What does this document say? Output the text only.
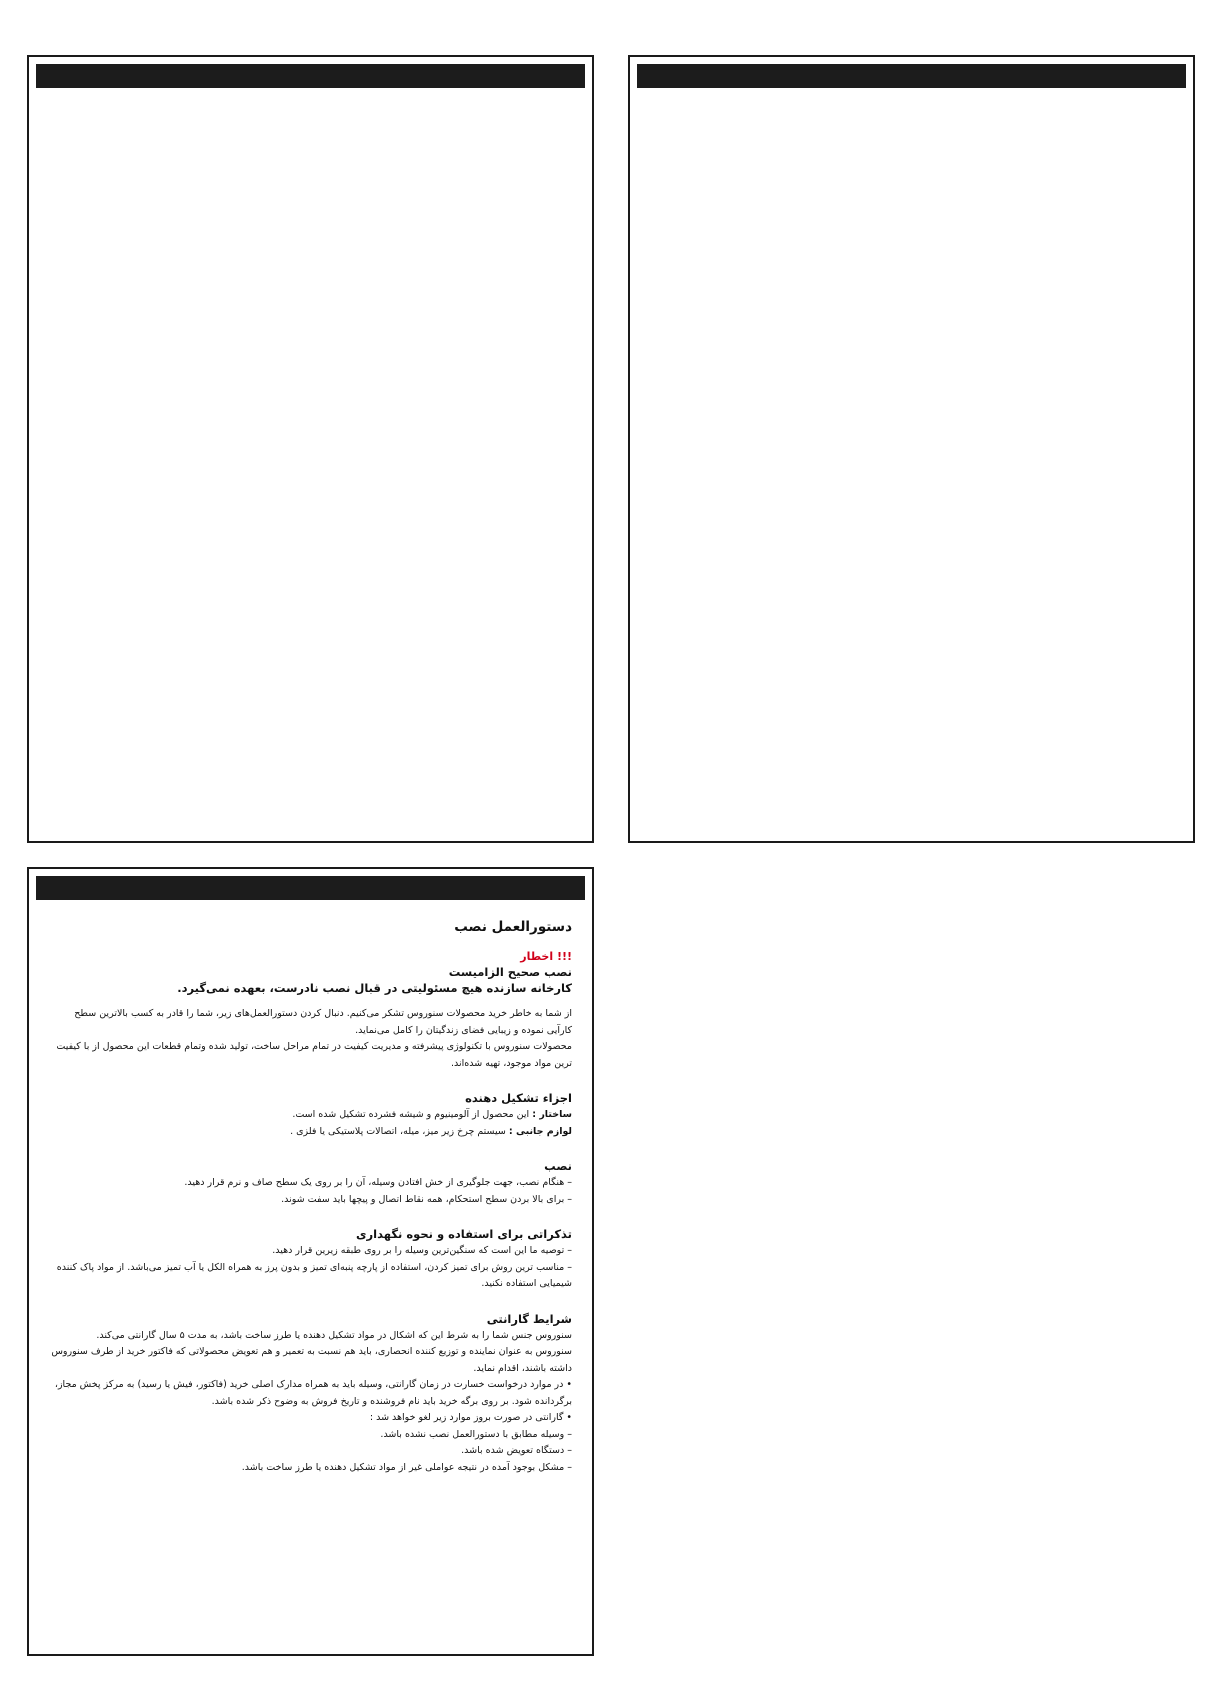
دستورالعمل نصب

!!! اخطار

نصب صحیح الزامیست

کارخانه سازنده هیچ مسئولیتی در قبال نصب نادرست، بعهده نمی‌گیرد.

از شما به خاطر خرید محصولات سنوروس تشکر می‌کنیم. دنبال کردن دستورالعمل‌های زیر، شما را قادر به کسب بالاترین سطح کارآیی نموده و زیبایی فضای زندگیتان را کامل می‌نماید.

محصولات سنوروس با تکنولوژی پیشرفته و مدیریت کیفیت در تمام مراحل ساخت، تولید شده وتمام قطعات این محصول از با کیفیت ترین مواد موجود، تهیه شده‌اند.

اجزاء تشکیل دهنده

ساختار : این محصول از آلومینیوم و شیشه فشرده تشکیل شده است.

لوازم جانبی : سیستم چرخ زیر میز، میله، اتصالات پلاستیکی یا فلزی .

نصب

– هنگام نصب، جهت جلوگیری از خش افتادن وسیله، آن را بر روی یک سطح صاف و نرم قرار دهید.

– برای بالا بردن سطح استحکام، همه نقاط اتصال و پیچها باید سفت شوند.

تذکراتی برای استفاده و نحوه نگهداری

– توصیه ما این است که سنگین‌ترین وسیله را بر روی طبقه زیرین قرار دهید.

– مناسب ترین روش برای تمیز کردن، استفاده از پارچه پنبه‌ای تمیز و بدون پرز به همراه الکل یا آب تمیز می‌باشد. از مواد پاک کننده شیمیایی استفاده نکنید.

شرایط گارانتی

سنوروس جنس شما را به شرط این که اشکال در مواد تشکیل دهنده یا طرز ساخت باشد، به مدت ۵ سال گارانتی می‌کند.

سنوروس به عنوان نماینده و توزیع کننده انحصاری، باید هم نسبت به تعمیر و هم تعویض محصولاتی که فاکتور خرید از طرف سنوروس داشته باشند، اقدام نماید.

• در موارد درخواست خسارت در زمان گارانتی، وسیله باید به همراه مدارک اصلی خرید (فاکتور، فیش یا رسید) به مرکز پخش مجاز، برگردانده شود. بر روی برگه خرید باید نام فروشنده و تاریخ فروش به وضوح ذکر شده باشد.

• گارانتی در صورت بروز موارد زیر لغو خواهد شد :

– وسیله مطابق با دستورالعمل نصب نشده باشد.

– دستگاه تعویض شده باشد.

– مشکل بوجود آمده در نتیجه عواملی غیر از مواد تشکیل دهنده یا طرز ساخت باشد.
